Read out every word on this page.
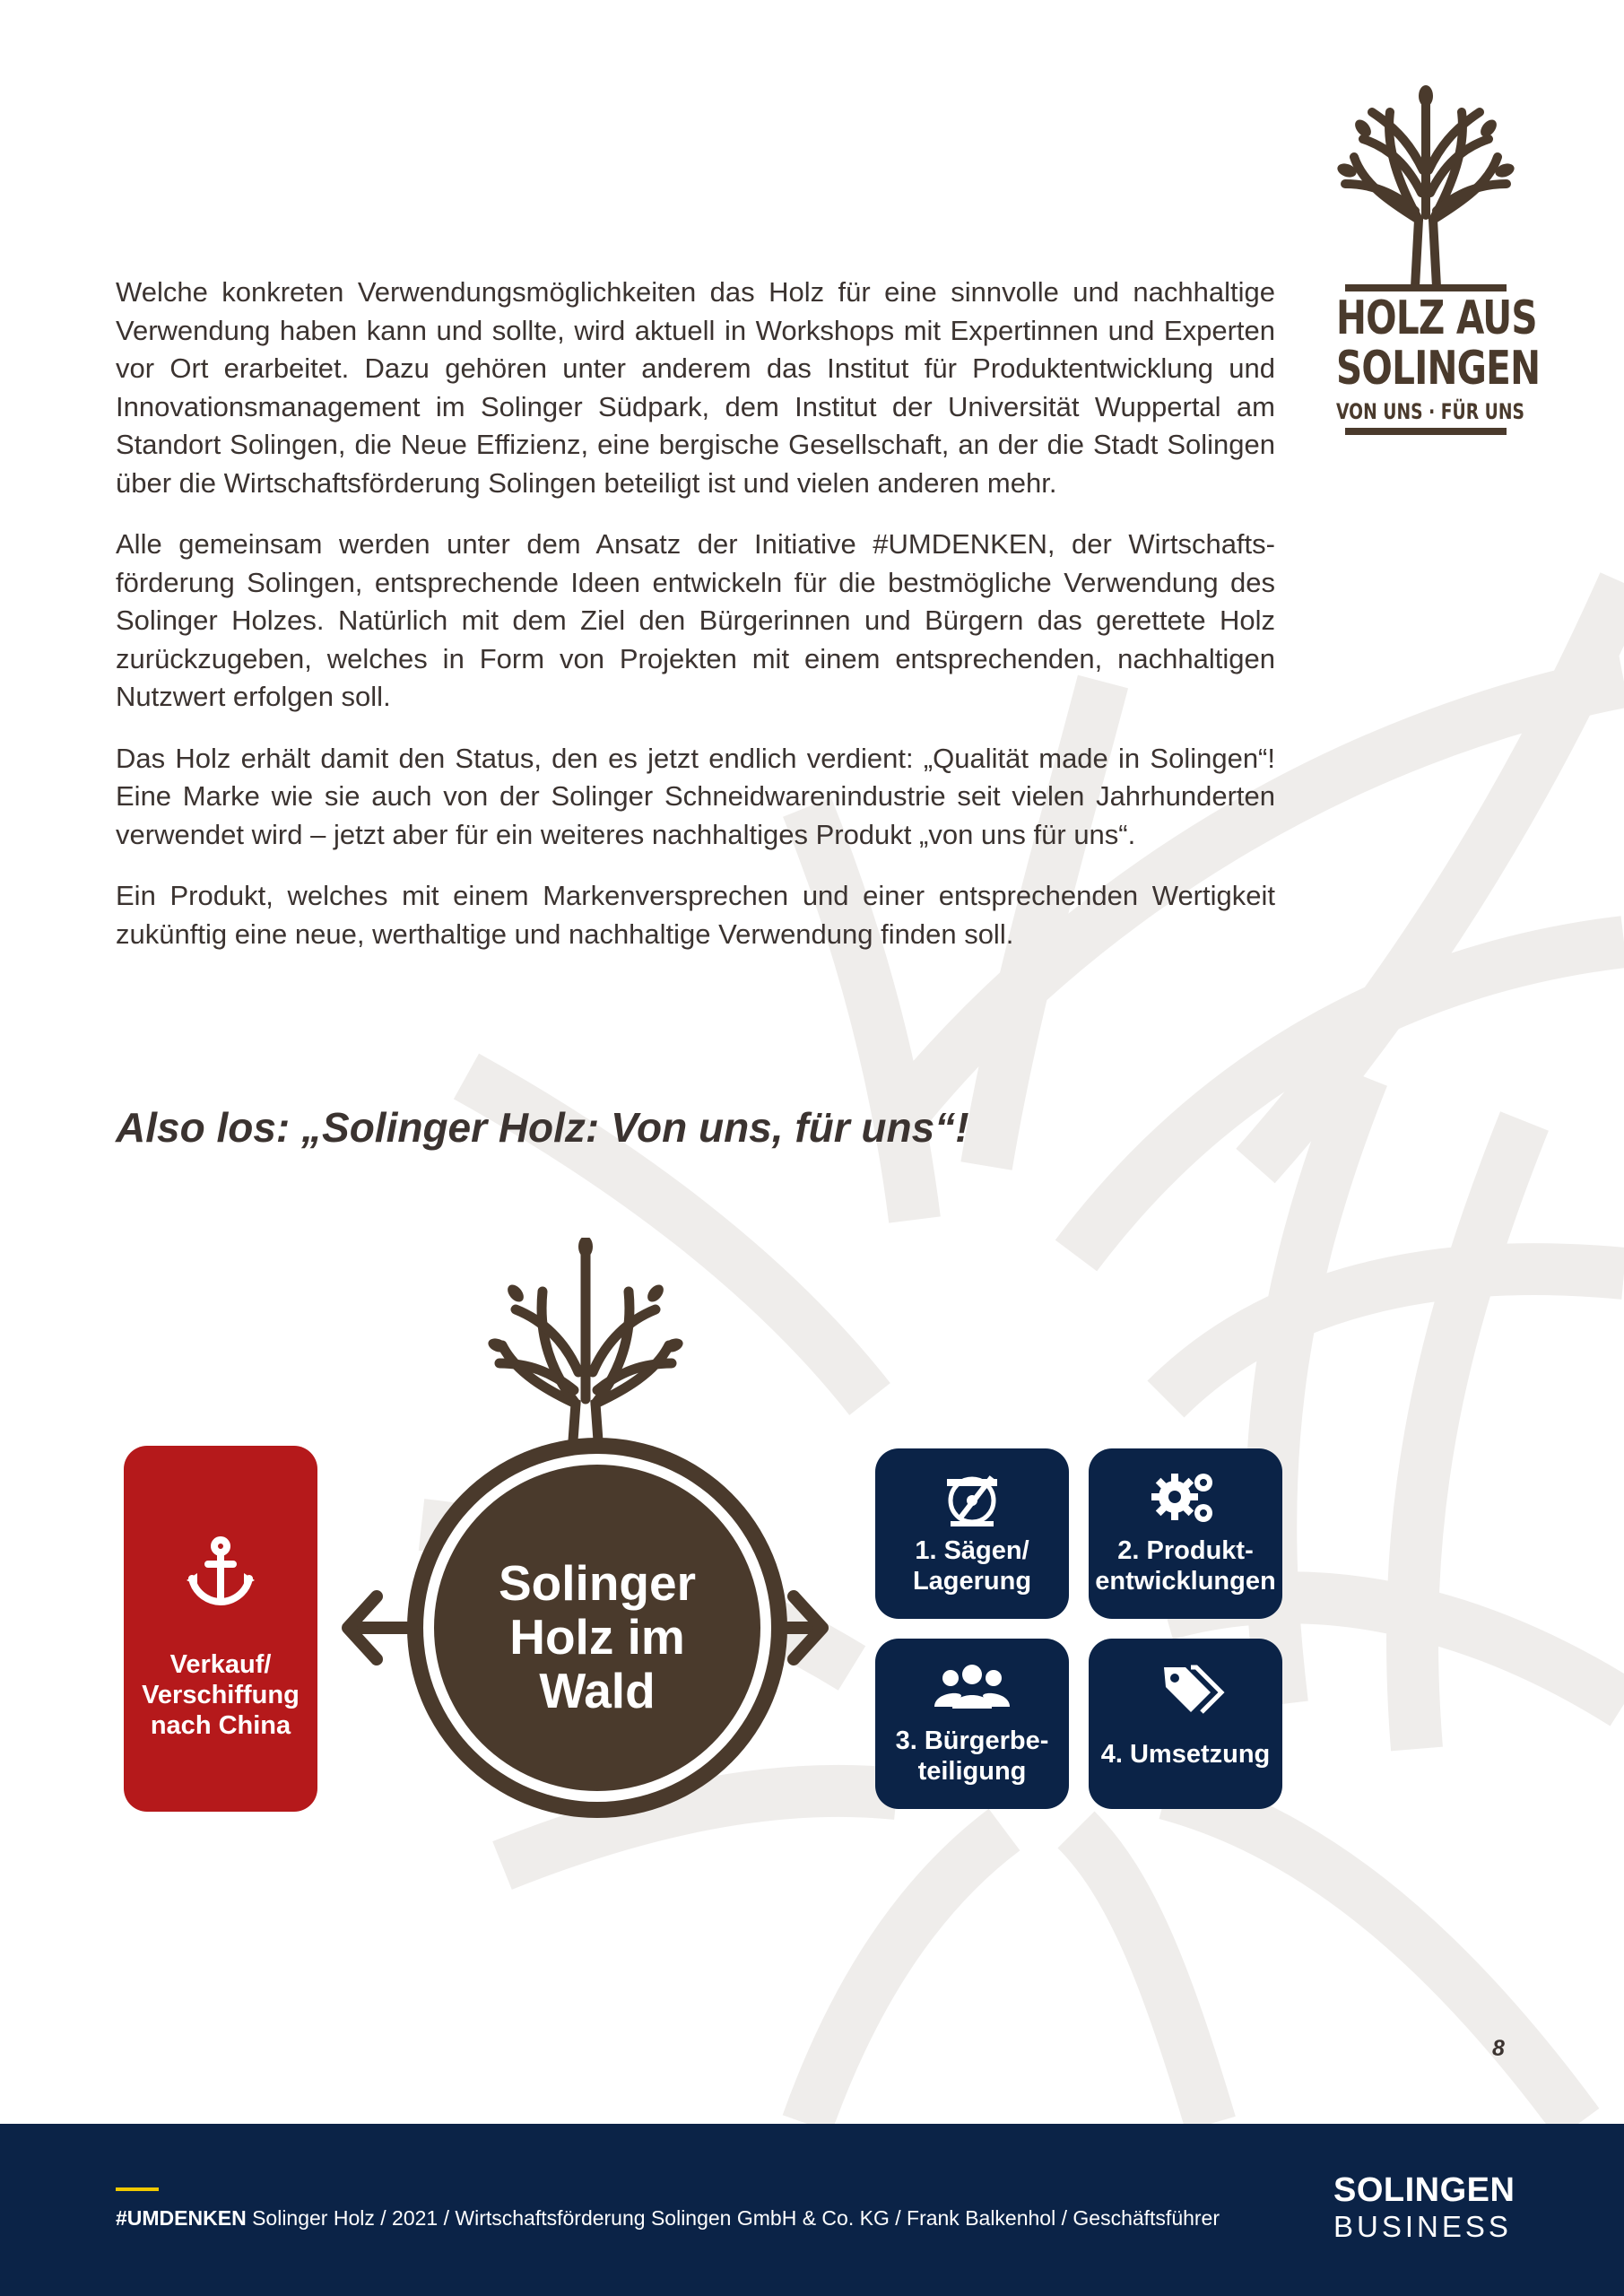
HOLZ AUS
SOLINGEN
VON UNS · FÜR UNS

Welche konkreten Verwendungsmöglichkeiten das Holz für eine sinnvolle und nachhaltige Verwendung haben kann und sollte, wird aktuell in Workshops mit Expertinnen und Experten vor Ort erarbeitet. Dazu gehören unter anderem das Institut für Produktentwicklung und Innovationsmanagement im Solinger Südpark, dem Institut der Universität Wuppertal am Standort Solingen, die Neue Effizienz, eine bergische Gesellschaft, an der die Stadt Solingen über die Wirtschaftsförderung Solingen beteiligt ist und vielen anderen mehr.

Alle gemeinsam werden unter dem Ansatz der Initiative #UMDENKEN, der Wirtschafts-förderung Solingen, entsprechende Ideen entwickeln für die bestmögliche Verwendung des Solinger Holzes. Natürlich mit dem Ziel den Bürgerinnen und Bürgern das gerettete Holz zurückzugeben, welches in Form von Projekten mit einem entsprechenden, nachhaltigen Nutzwert erfolgen soll.

Das Holz erhält damit den Status, den es jetzt endlich verdient: „Qualität made in Solingen“! Eine Marke wie sie auch von der Solinger Schneidwarenindustrie seit vielen Jahrhunderten verwendet wird – jetzt aber für ein weiteres nachhaltiges Produkt „von uns für uns“.

Ein Produkt, welches mit einem Markenversprechen und einer entsprechenden Wertigkeit zukünftig eine neue, werthaltige und nachhaltige Verwendung finden soll.

Also los: „Solinger Holz: Von uns, für uns“!
Solinger
Holz im
Wald
Verkauf/
Verschiffung
nach China
1. Sägen/
Lagerung
2. Produkt-
entwicklungen
3. Bürgerbe-
teiligung
4. Umsetzung
8
#UMDENKEN Solinger Holz / 2021 / Wirtschaftsförderung Solingen GmbH & Co. KG / Frank Balkenhol / Geschäftsführer
SOLINGEN
BUSINESS
